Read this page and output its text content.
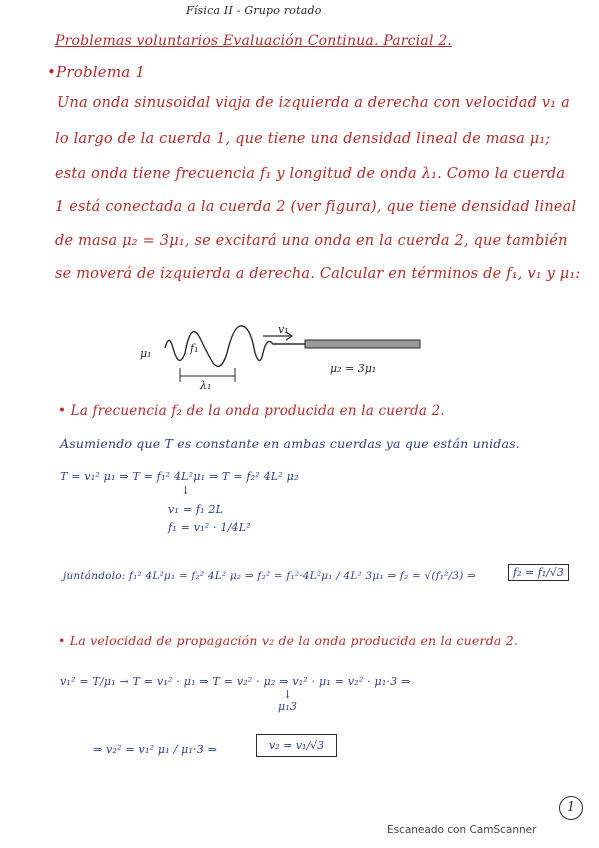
Física II - Grupo rotado
Problemas voluntarios Evaluación Continua. Parcial 2.
•Problema 1
Una onda sinusoidal viaja de izquierda a derecha con velocidad v₁ a
lo largo de la cuerda 1, que tiene una densidad lineal de masa μ₁;
esta onda tiene frecuencia f₁ y longitud de onda λ₁. Como la cuerda
1 está conectada a la cuerda 2 (ver figura), que tiene densidad lineal
de masa μ₂ = 3μ₁, se excitará una onda en la cuerda 2, que también
se moverá de izquierda a derecha. Calcular en términos de f₁, v₁ y μ₁:
μ₁	f₁
v₁
λ₁
μ₂ = 3μ₁
• La frecuencia f₂ de la onda producida en la cuerda 2.
Asumiendo que T es constante en ambas cuerdas ya que están unidas.
T = v₁² μ₁ ⇒ T = f₁² 4L²μ₁ ⇒ T = f₂² 4L² μ₂
↓
v₁ = f₁ 2L
f₁ = v₁² · 1/4L²
juntándolo: f₁² 4L²μ₁ = f₂² 4L² μ₂ ⇒ f₂² = f₁²·4L²μ₁ / 4L² 3μ₁ ⇒ f₂ = √(f₁²/3) ⇒	f₂ = f₁/√3
• La velocidad de propagación v₂ de la onda producida en la cuerda 2.
v₁² = T/μ₁ → T = v₁² · μ₁ ⇒ T = v₂² · μ₂ ⇒ v₁² · μ₁ = v₂² · μ₁·3 ⇒
↓
μ₁3
⇒ v₂² = v₁² μ₁ / μ₁·3 ⇒	v₂ = v₁/√3
1
Escaneado con CamScanner
